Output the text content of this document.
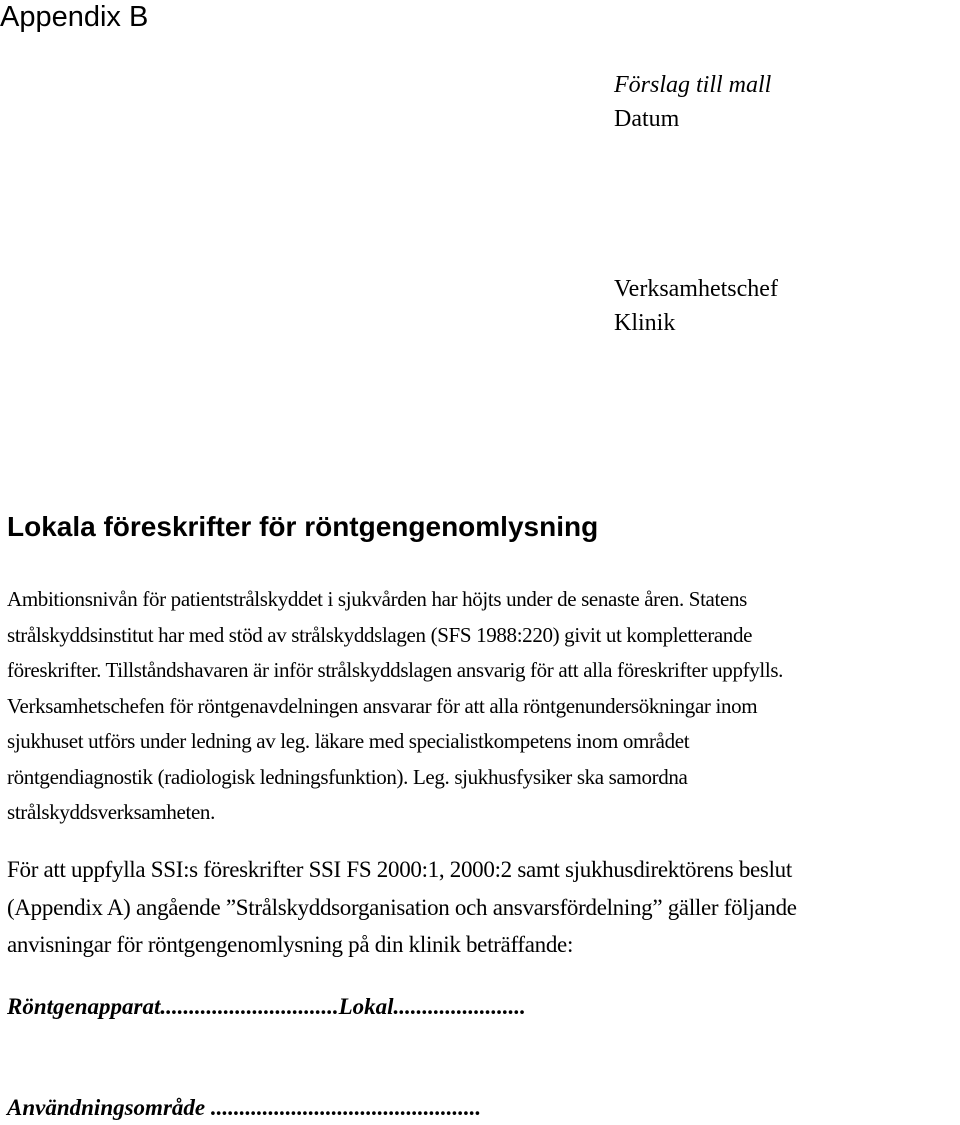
Appendix B
Förslag till mall
Datum
Verksamhetschef
Klinik
Lokala föreskrifter för röntgengenomlysning

Ambitionsnivån för patientstrålskyddet i sjukvården har höjts under de senaste åren. Statens
strålskyddsinstitut har med stöd av strålskyddslagen (SFS 1988:220) givit ut kompletterande
föreskrifter. Tillståndshavaren är inför strålskyddslagen ansvarig för att alla föreskrifter uppfylls.
Verksamhetschefen för röntgenavdelningen ansvarar för att alla röntgenundersökningar inom
sjukhuset utförs under ledning av leg. läkare med specialistkompetens inom området
röntgendiagnostik (radiologisk ledningsfunktion). Leg. sjukhusfysiker ska samordna
strålskyddsverksamheten.

För att uppfylla SSI:s föreskrifter SSI FS 2000:1, 2000:2 samt sjukhusdirektörens beslut
(Appendix A) angående ”Strålskyddsorganisation och ansvarsfördelning” gäller följande
anvisningar för röntgengenomlysning på din klinik beträffande:

Röntgenapparat...............................Lokal.......................

Användningsområde ...............................................
